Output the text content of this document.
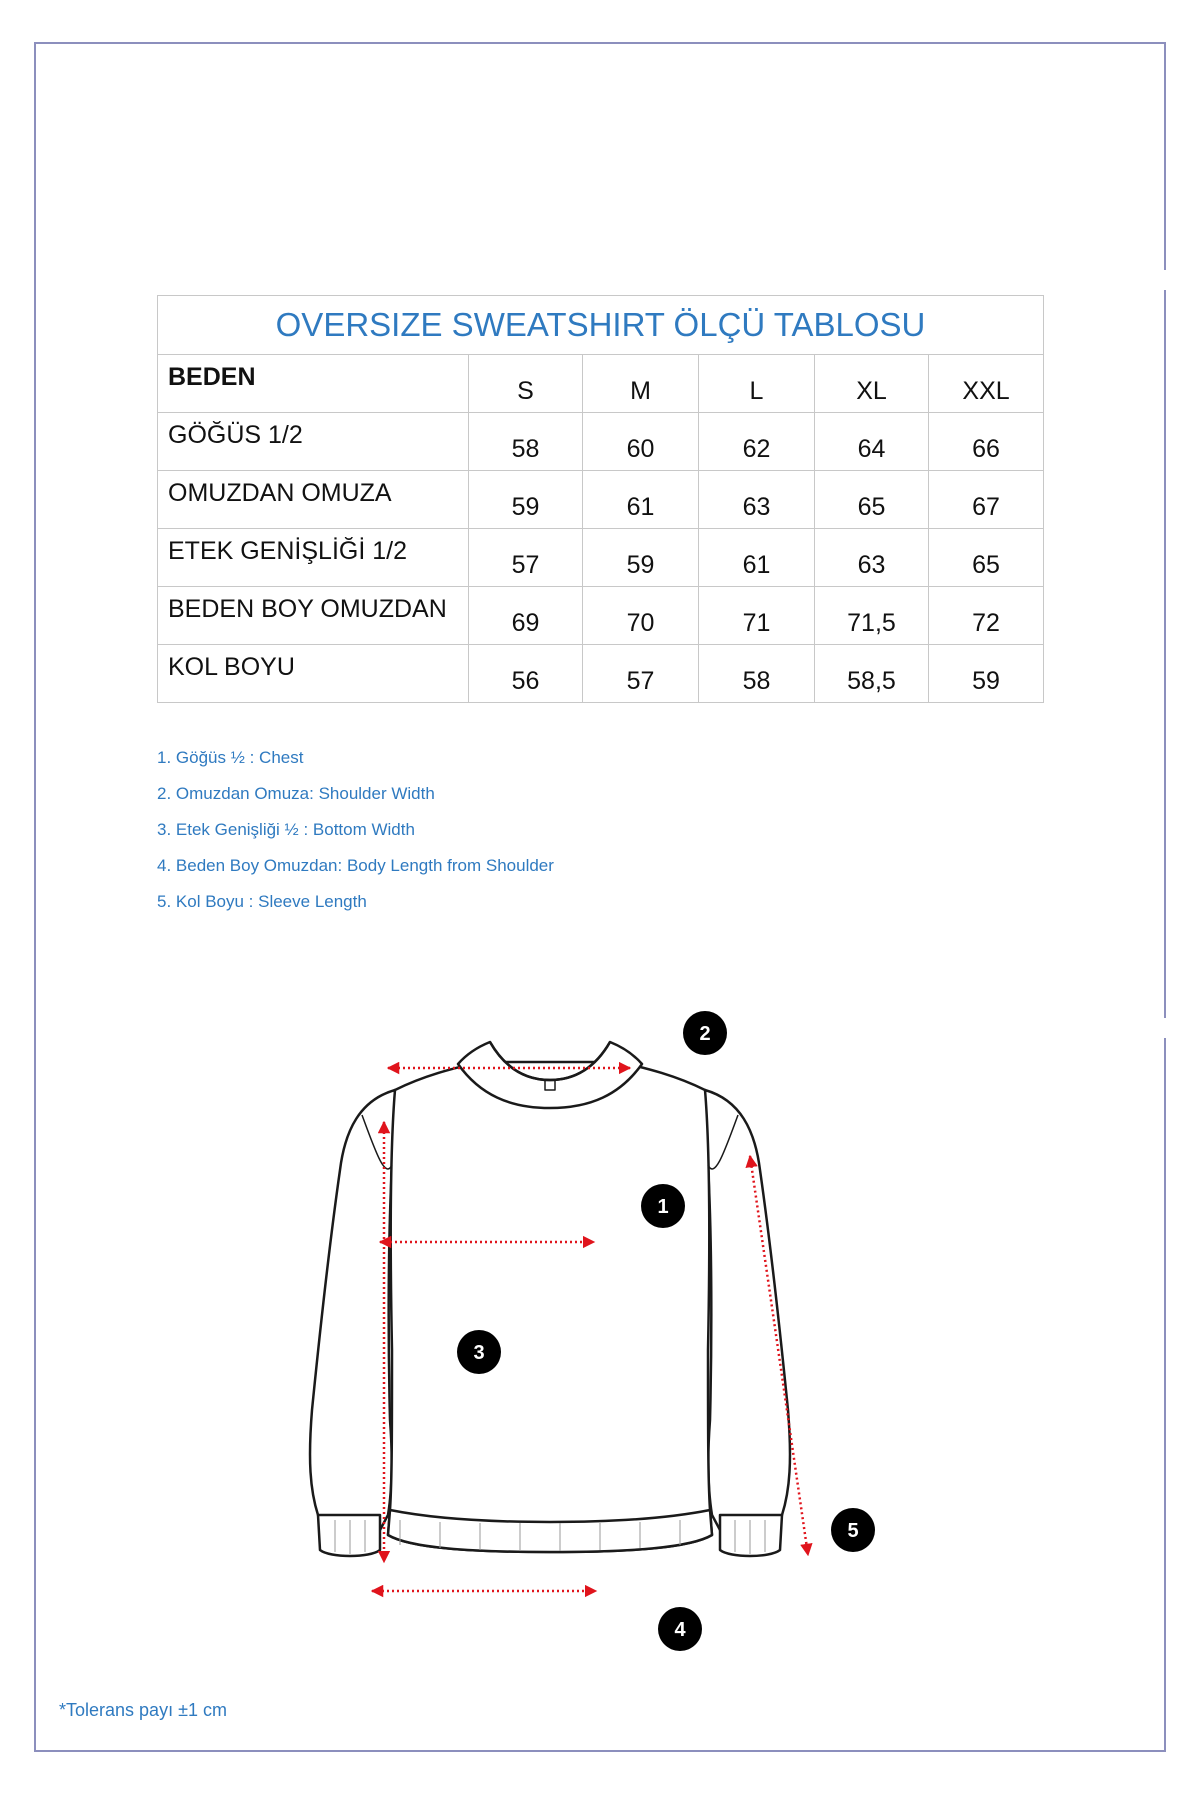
OVERSIZE SWEATSHIRT ÖLÇÜ TABLOSU					
BEDEN	S	M	L	XL	XXL
GÖĞÜS 1/2	58	60	62	64	66
OMUZDAN OMUZA	59	61	63	65	67
ETEK GENİŞLİĞİ 1/2	57	59	61	63	65
BEDEN BOY OMUZDAN	69	70	71	71,5	72
KOL BOYU	56	57	58	58,5	59
1. Göğüs ½ : Chest
2. Omuzdan Omuza: Shoulder Width
3. Etek Genişliği ½ : Bottom Width
4. Beden Boy Omuzdan: Body Length from Shoulder
5. Kol Boyu : Sleeve Length
1
2
3
4
5
*Tolerans payı ±1 cm
